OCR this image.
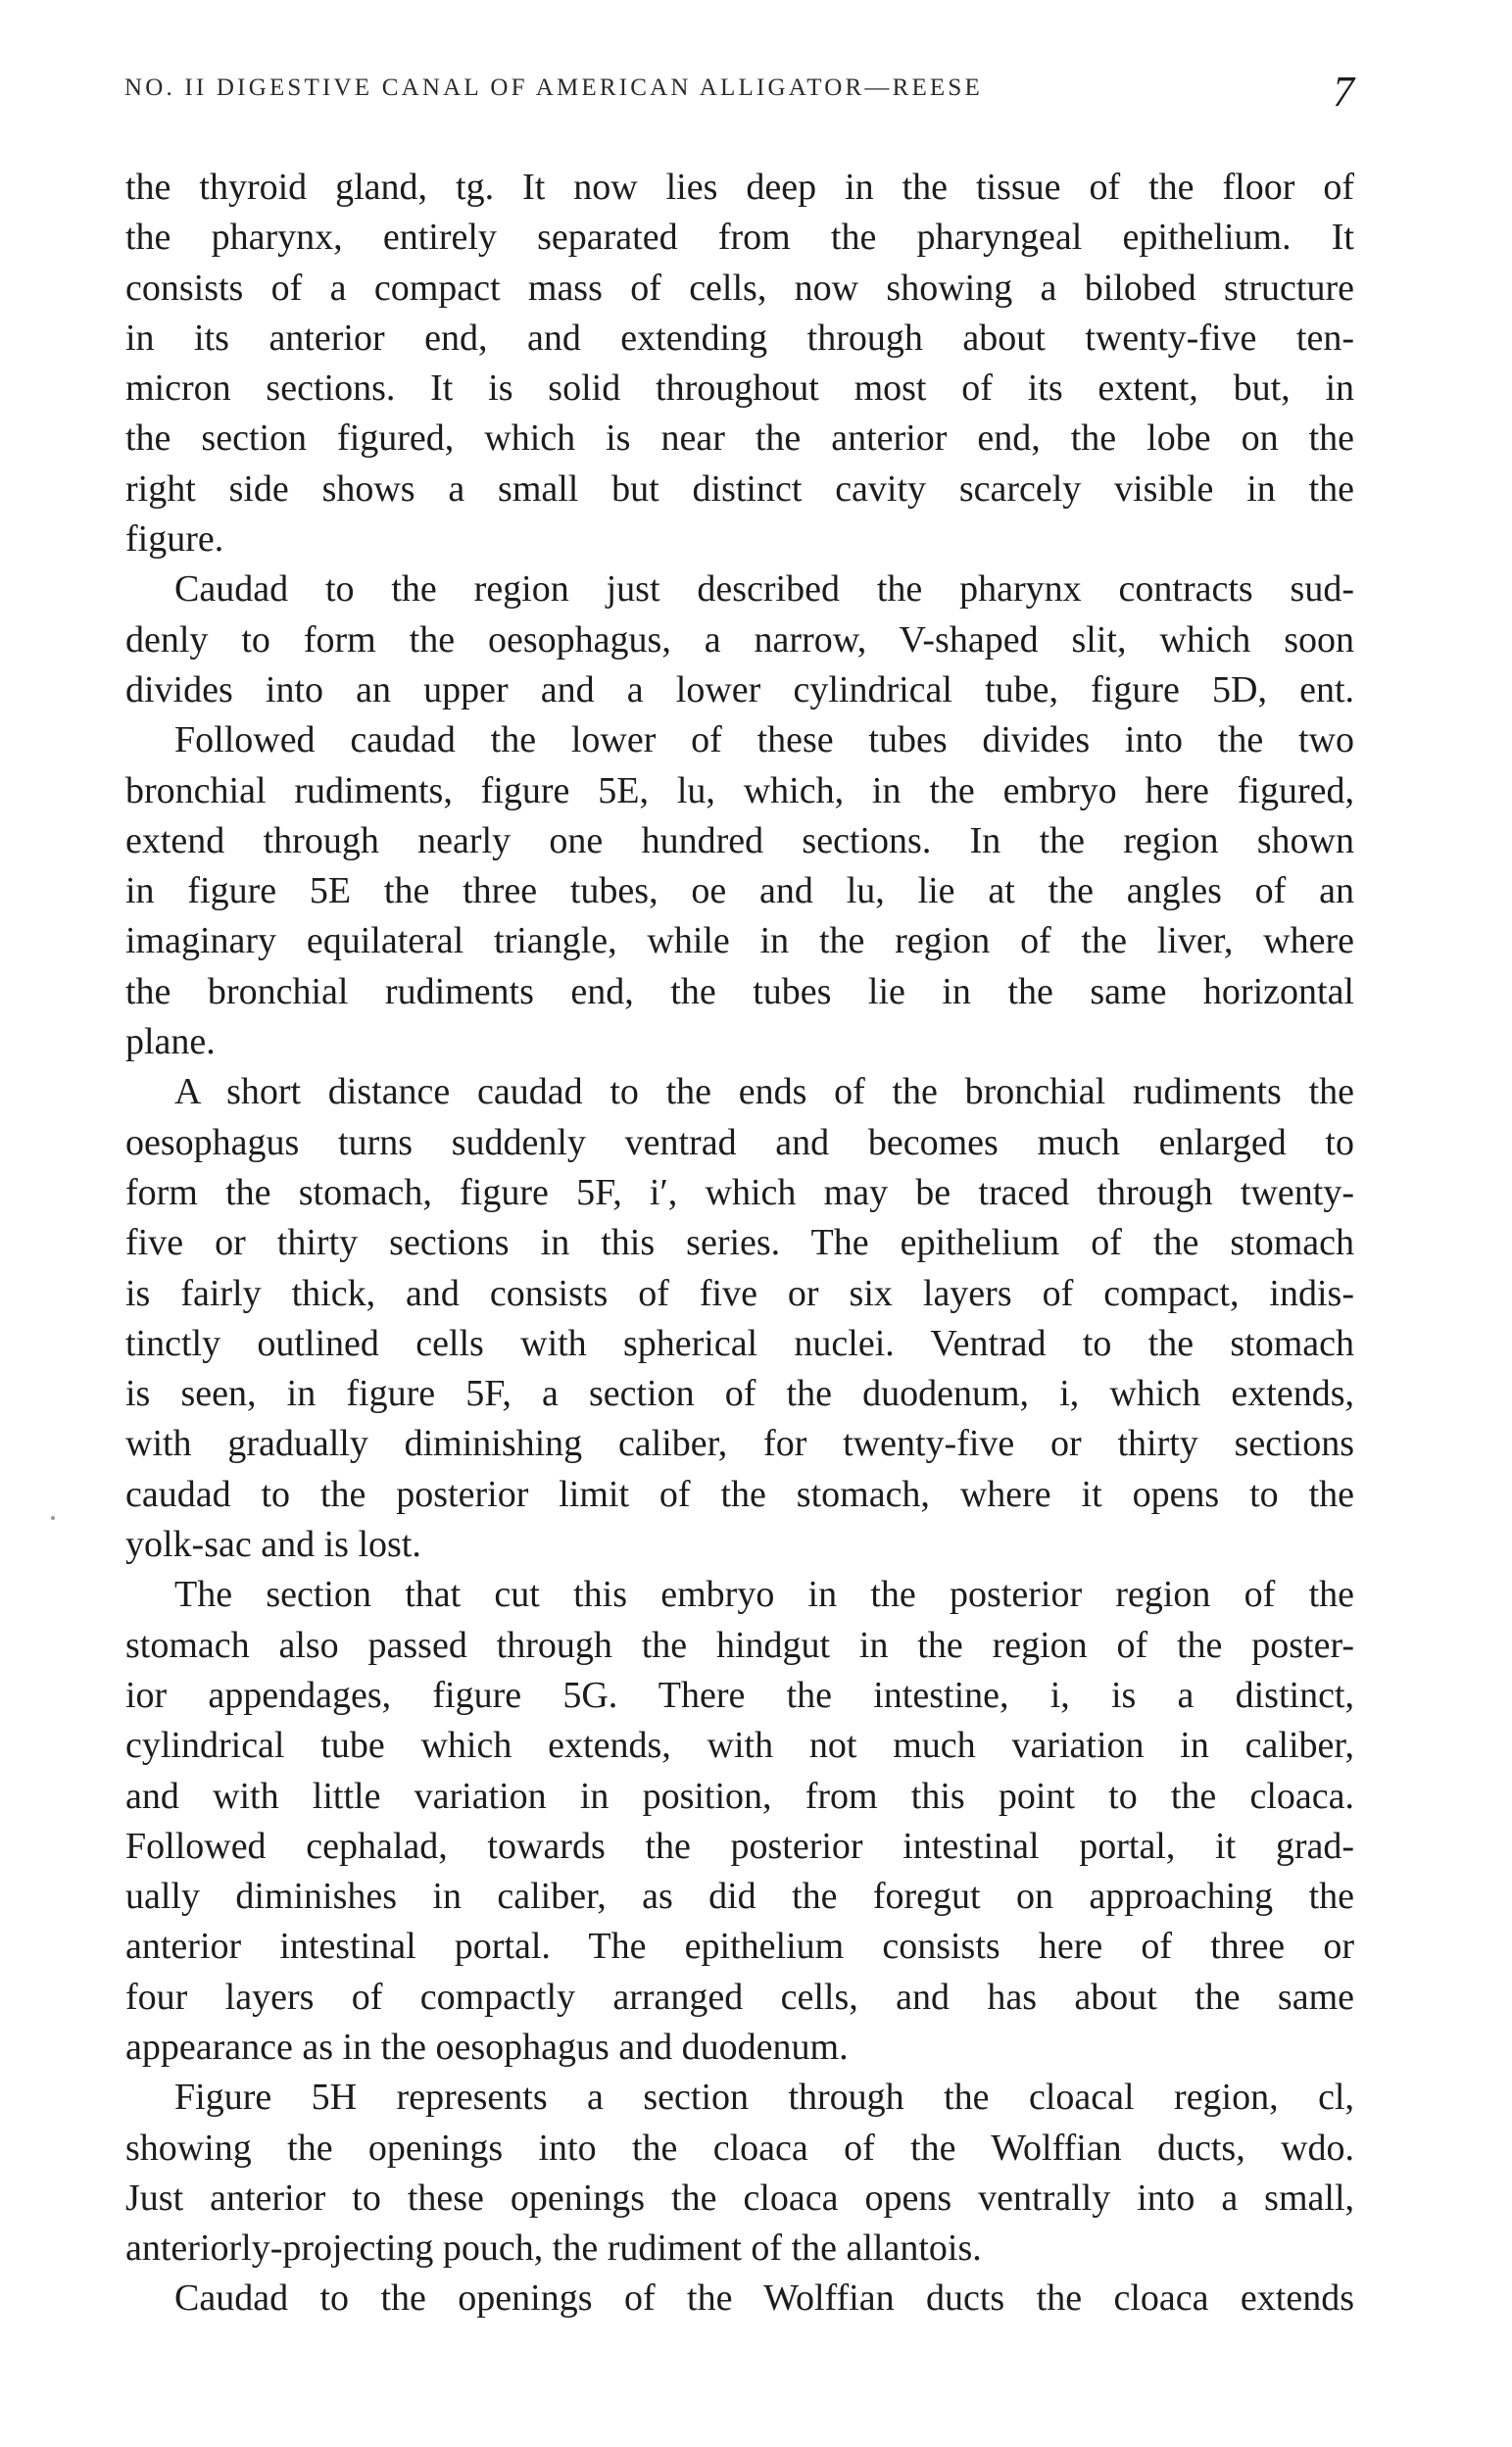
NO. II DIGESTIVE CANAL OF AMERICAN ALLIGATOR—REESE	7
the thyroid gland, tg. It now lies deep in the tissue of the floor of
the pharynx, entirely separated from the pharyngeal epithelium. It
consists of a compact mass of cells, now showing a bilobed structure
in its anterior end, and extending through about twenty-five ten-
micron sections. It is solid throughout most of its extent, but, in
the section figured, which is near the anterior end, the lobe on the
right side shows a small but distinct cavity scarcely visible in the
figure.
Caudad to the region just described the pharynx contracts sud-
denly to form the oesophagus, a narrow, V-shaped slit, which soon
divides into an upper and a lower cylindrical tube, figure 5D, ent.
Followed caudad the lower of these tubes divides into the two
bronchial rudiments, figure 5E, lu, which, in the embryo here figured,
extend through nearly one hundred sections. In the region shown
in figure 5E the three tubes, oe and lu, lie at the angles of an
imaginary equilateral triangle, while in the region of the liver, where
the bronchial rudiments end, the tubes lie in the same horizontal
plane.
A short distance caudad to the ends of the bronchial rudiments the
oesophagus turns suddenly ventrad and becomes much enlarged to
form the stomach, figure 5F, i′, which may be traced through twenty-
five or thirty sections in this series. The epithelium of the stomach
is fairly thick, and consists of five or six layers of compact, indis-
tinctly outlined cells with spherical nuclei. Ventrad to the stomach
is seen, in figure 5F, a section of the duodenum, i, which extends,
with gradually diminishing caliber, for twenty-five or thirty sections
caudad to the posterior limit of the stomach, where it opens to the
yolk-sac and is lost.
The section that cut this embryo in the posterior region of the
stomach also passed through the hindgut in the region of the poster-
ior appendages, figure 5G. There the intestine, i, is a distinct,
cylindrical tube which extends, with not much variation in caliber,
and with little variation in position, from this point to the cloaca.
Followed cephalad, towards the posterior intestinal portal, it grad-
ually diminishes in caliber, as did the foregut on approaching the
anterior intestinal portal. The epithelium consists here of three or
four layers of compactly arranged cells, and has about the same
appearance as in the oesophagus and duodenum.
Figure 5H represents a section through the cloacal region, cl,
showing the openings into the cloaca of the Wolffian ducts, wdo.
Just anterior to these openings the cloaca opens ventrally into a small,
anteriorly-projecting pouch, the rudiment of the allantois.
Caudad to the openings of the Wolffian ducts the cloaca extends
